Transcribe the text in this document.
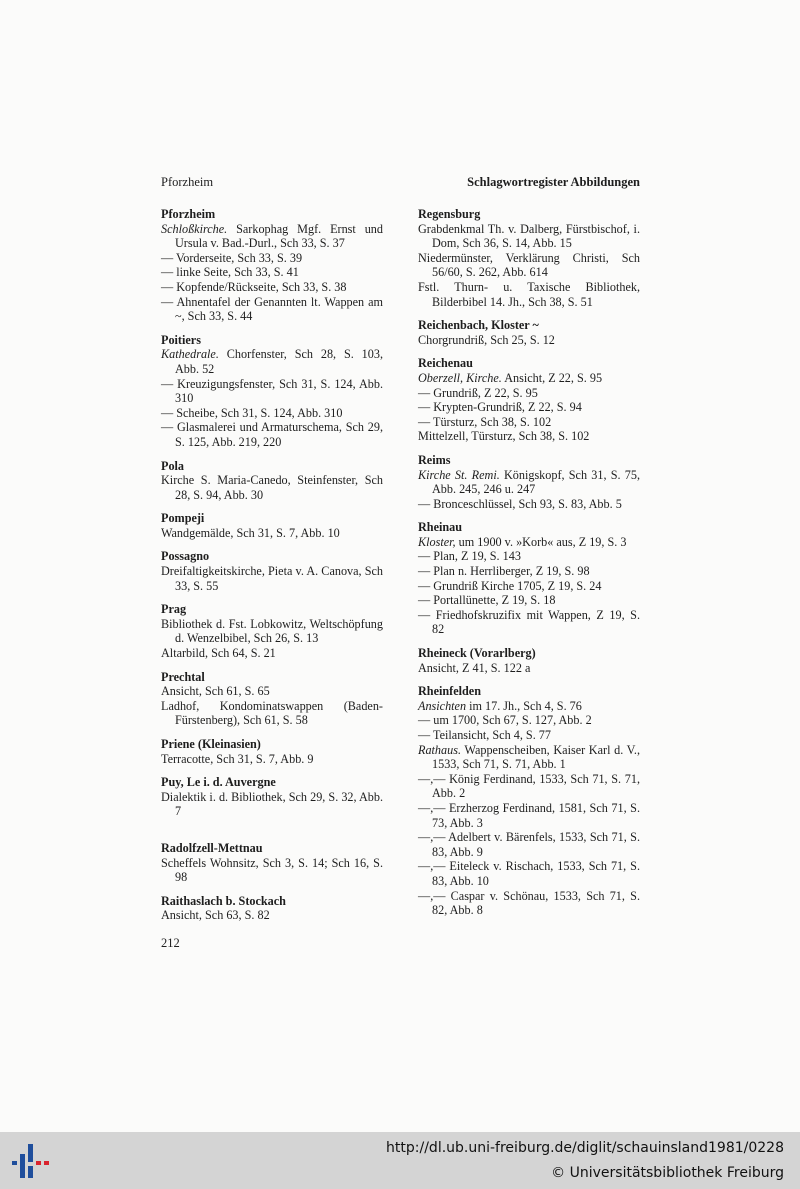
Pforzheim	Schlagwortregister Abbildungen
Pforzheim
Schloßkirche. Sarkophag Mgf. Ernst und Ursula v. Bad.-Durl., Sch 33, S. 37
— Vorderseite, Sch 33, S. 39
— linke Seite, Sch 33, S. 41
— Kopfende/Rückseite, Sch 33, S. 38
— Ahnentafel der Genannten lt. Wappen am ~, Sch 33, S. 44
Poitiers
Kathedrale. Chorfenster, Sch 28, S. 103, Abb. 52
— Kreuzigungsfenster, Sch 31, S. 124, Abb. 310
— Scheibe, Sch 31, S. 124, Abb. 310
— Glasmalerei und Armaturschema, Sch 29, S. 125, Abb. 219, 220
Pola
Kirche S. Maria-Canedo, Steinfenster, Sch 28, S. 94, Abb. 30
Pompeji
Wandgemälde, Sch 31, S. 7, Abb. 10
Possagno
Dreifaltigkeitskirche, Pieta v. A. Canova, Sch 33, S. 55
Prag
Bibliothek d. Fst. Lobkowitz, Weltschöpfung d. Wenzelbibel, Sch 26, S. 13
Altarbild, Sch 64, S. 21
Prechtal
Ansicht, Sch 61, S. 65
Ladhof, Kondominatswappen (Baden-Fürstenberg), Sch 61, S. 58
Priene (Kleinasien)
Terracotte, Sch 31, S. 7, Abb. 9
Puy, Le i. d. Auvergne
Dialektik i. d. Bibliothek, Sch 29, S. 32, Abb. 7
Radolfzell-Mettnau
Scheffels Wohnsitz, Sch 3, S. 14; Sch 16, S. 98
Raithaslach b. Stockach
Ansicht, Sch 63, S. 82
Regensburg
Grabdenkmal Th. v. Dalberg, Fürstbischof, i. Dom, Sch 36, S. 14, Abb. 15
Niedermünster, Verklärung Christi, Sch 56/60, S. 262, Abb. 614
Fstl. Thurn- u. Taxische Bibliothek, Bilderbibel 14. Jh., Sch 38, S. 51
Reichenbach, Kloster ~
Chorgrundriß, Sch 25, S. 12
Reichenau
Oberzell, Kirche. Ansicht, Z 22, S. 95
— Grundriß, Z 22, S. 95
— Krypten-Grundriß, Z 22, S. 94
— Türsturz, Sch 38, S. 102
Mittelzell, Türsturz, Sch 38, S. 102
Reims
Kirche St. Remi. Königskopf, Sch 31, S. 75, Abb. 245, 246 u. 247
— Bronceschlüssel, Sch 93, S. 83, Abb. 5
Rheinau
Kloster, um 1900 v. »Korb« aus, Z 19, S. 3
— Plan, Z 19, S. 143
— Plan n. Herrliberger, Z 19, S. 98
— Grundriß Kirche 1705, Z 19, S. 24
— Portallünette, Z 19, S. 18
— Friedhofskruzifix mit Wappen, Z 19, S. 82
Rheineck (Vorarlberg)
Ansicht, Z 41, S. 122 a
Rheinfelden
Ansichten im 17. Jh., Sch 4, S. 76
— um 1700, Sch 67, S. 127, Abb. 2
— Teilansicht, Sch 4, S. 77
Rathaus. Wappenscheiben, Kaiser Karl d. V., 1533, Sch 71, S. 71, Abb. 1
—,— König Ferdinand, 1533, Sch 71, S. 71, Abb. 2
—,— Erzherzog Ferdinand, 1581, Sch 71, S. 73, Abb. 3
—,— Adelbert v. Bärenfels, 1533, Sch 71, S. 83, Abb. 9
—,— Eiteleck v. Rischach, 1533, Sch 71, S. 83, Abb. 10
—,— Caspar v. Schönau, 1533, Sch 71, S. 82, Abb. 8
212
http://dl.ub.uni-freiburg.de/diglit/schauinsland1981/0228
© Universitätsbibliothek Freiburg
